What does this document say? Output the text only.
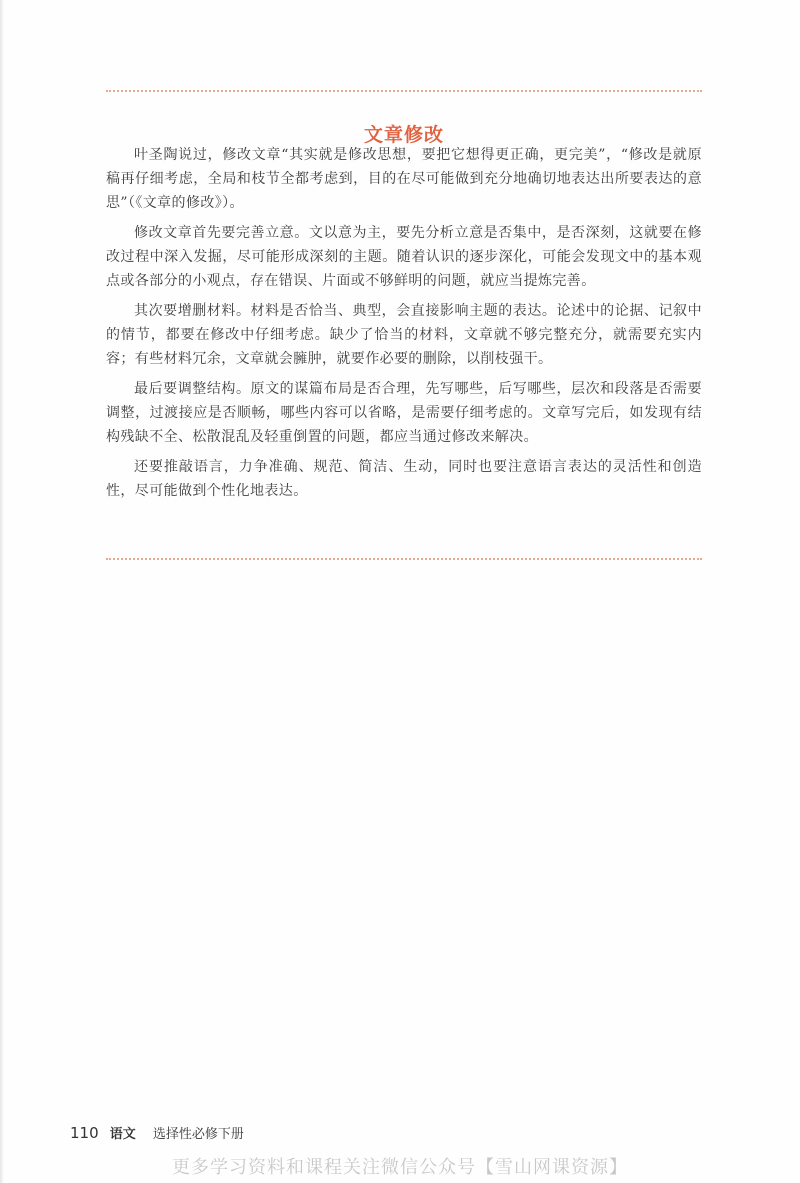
文章修改

叶圣陶说过，修改文章“其实就是修改思想，要把它想得更正确，更完美”，“修改是就原稿再仔细考虑，全局和枝节全都考虑到，目的在尽可能做到充分地确切地表达出所要表达的意思”（《文章的修改》）。

修改文章首先要完善立意。文以意为主，要先分析立意是否集中，是否深刻，这就要在修改过程中深入发掘，尽可能形成深刻的主题。随着认识的逐步深化，可能会发现文中的基本观点或各部分的小观点，存在错误、片面或不够鲜明的问题，就应当提炼完善。

其次要增删材料。材料是否恰当、典型，会直接影响主题的表达。论述中的论据、记叙中的情节，都要在修改中仔细考虑。缺少了恰当的材料，文章就不够完整充分，就需要充实内容；有些材料冗余，文章就会臃肿，就要作必要的删除，以削枝强干。

最后要调整结构。原文的谋篇布局是否合理，先写哪些，后写哪些，层次和段落是否需要调整，过渡接应是否顺畅，哪些内容可以省略，是需要仔细考虑的。文章写完后，如发现有结构残缺不全、松散混乱及轻重倒置的问题，都应当通过修改来解决。

还要推敲语言，力争准确、规范、简洁、生动，同时也要注意语言表达的灵活性和创造性，尽可能做到个性化地表达。

110 语文 选择性必修下册
更多学习资料和课程关注微信公众号【雪山网课资源】
